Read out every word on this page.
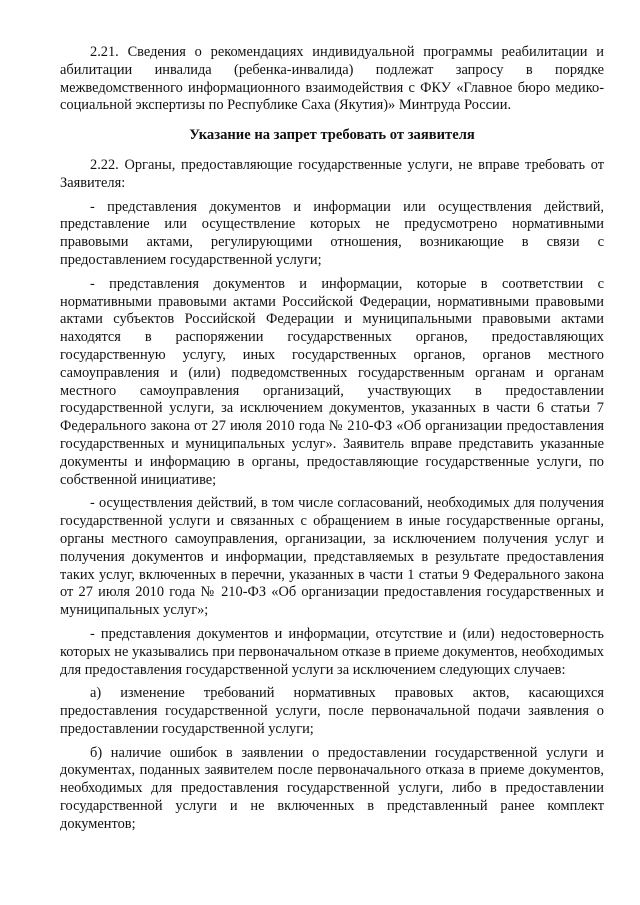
2.21. Сведения о рекомендациях индивидуальной программы реабилитации и абилитации инвалида (ребенка-инвалида) подлежат запросу в порядке межведомственного информационного взаимодействия с ФКУ «Главное бюро медико-социальной экспертизы по Республике Саха (Якутия)» Минтруда России.

Указание на запрет требовать от заявителя

2.22. Органы, предоставляющие государственные услуги, не вправе требовать от Заявителя:

- представления документов и информации или осуществления действий, представление или осуществление которых не предусмотрено нормативными правовыми актами, регулирующими отношения, возникающие в связи с предоставлением государственной услуги;

- представления документов и информации, которые в соответствии с нормативными правовыми актами Российской Федерации, нормативными правовыми актами субъектов Российской Федерации и муниципальными правовыми актами находятся в распоряжении государственных органов, предоставляющих государственную услугу, иных государственных органов, органов местного самоуправления и (или) подведомственных государственным органам и органам местного самоуправления организаций, участвующих в предоставлении государственной услуги, за исключением документов, указанных в части 6 статьи 7 Федерального закона от 27 июля 2010 года № 210-ФЗ «Об организации предоставления государственных и муниципальных услуг». Заявитель вправе представить указанные документы и информацию в органы, предоставляющие государственные услуги, по собственной инициативе;

- осуществления действий, в том числе согласований, необходимых для получения государственной услуги и связанных с обращением в иные государственные органы, органы местного самоуправления, организации, за исключением получения услуг и получения документов и информации, представляемых в результате предоставления таких услуг, включенных в перечни, указанных в части 1 статьи 9 Федерального закона от 27 июля 2010 года № 210-ФЗ «Об организации предоставления государственных и муниципальных услуг»;

- представления документов и информации, отсутствие и (или) недостоверность которых не указывались при первоначальном отказе в приеме документов, необходимых для предоставления государственной услуги за исключением следующих случаев:

а) изменение требований нормативных правовых актов, касающихся предоставления государственной услуги, после первоначальной подачи заявления о предоставлении государственной услуги;

б) наличие ошибок в заявлении о предоставлении государственной услуги и документах, поданных заявителем после первоначального отказа в приеме документов, необходимых для предоставления государственной услуги, либо в предоставлении государственной услуги и не включенных в представленный ранее комплект документов;
